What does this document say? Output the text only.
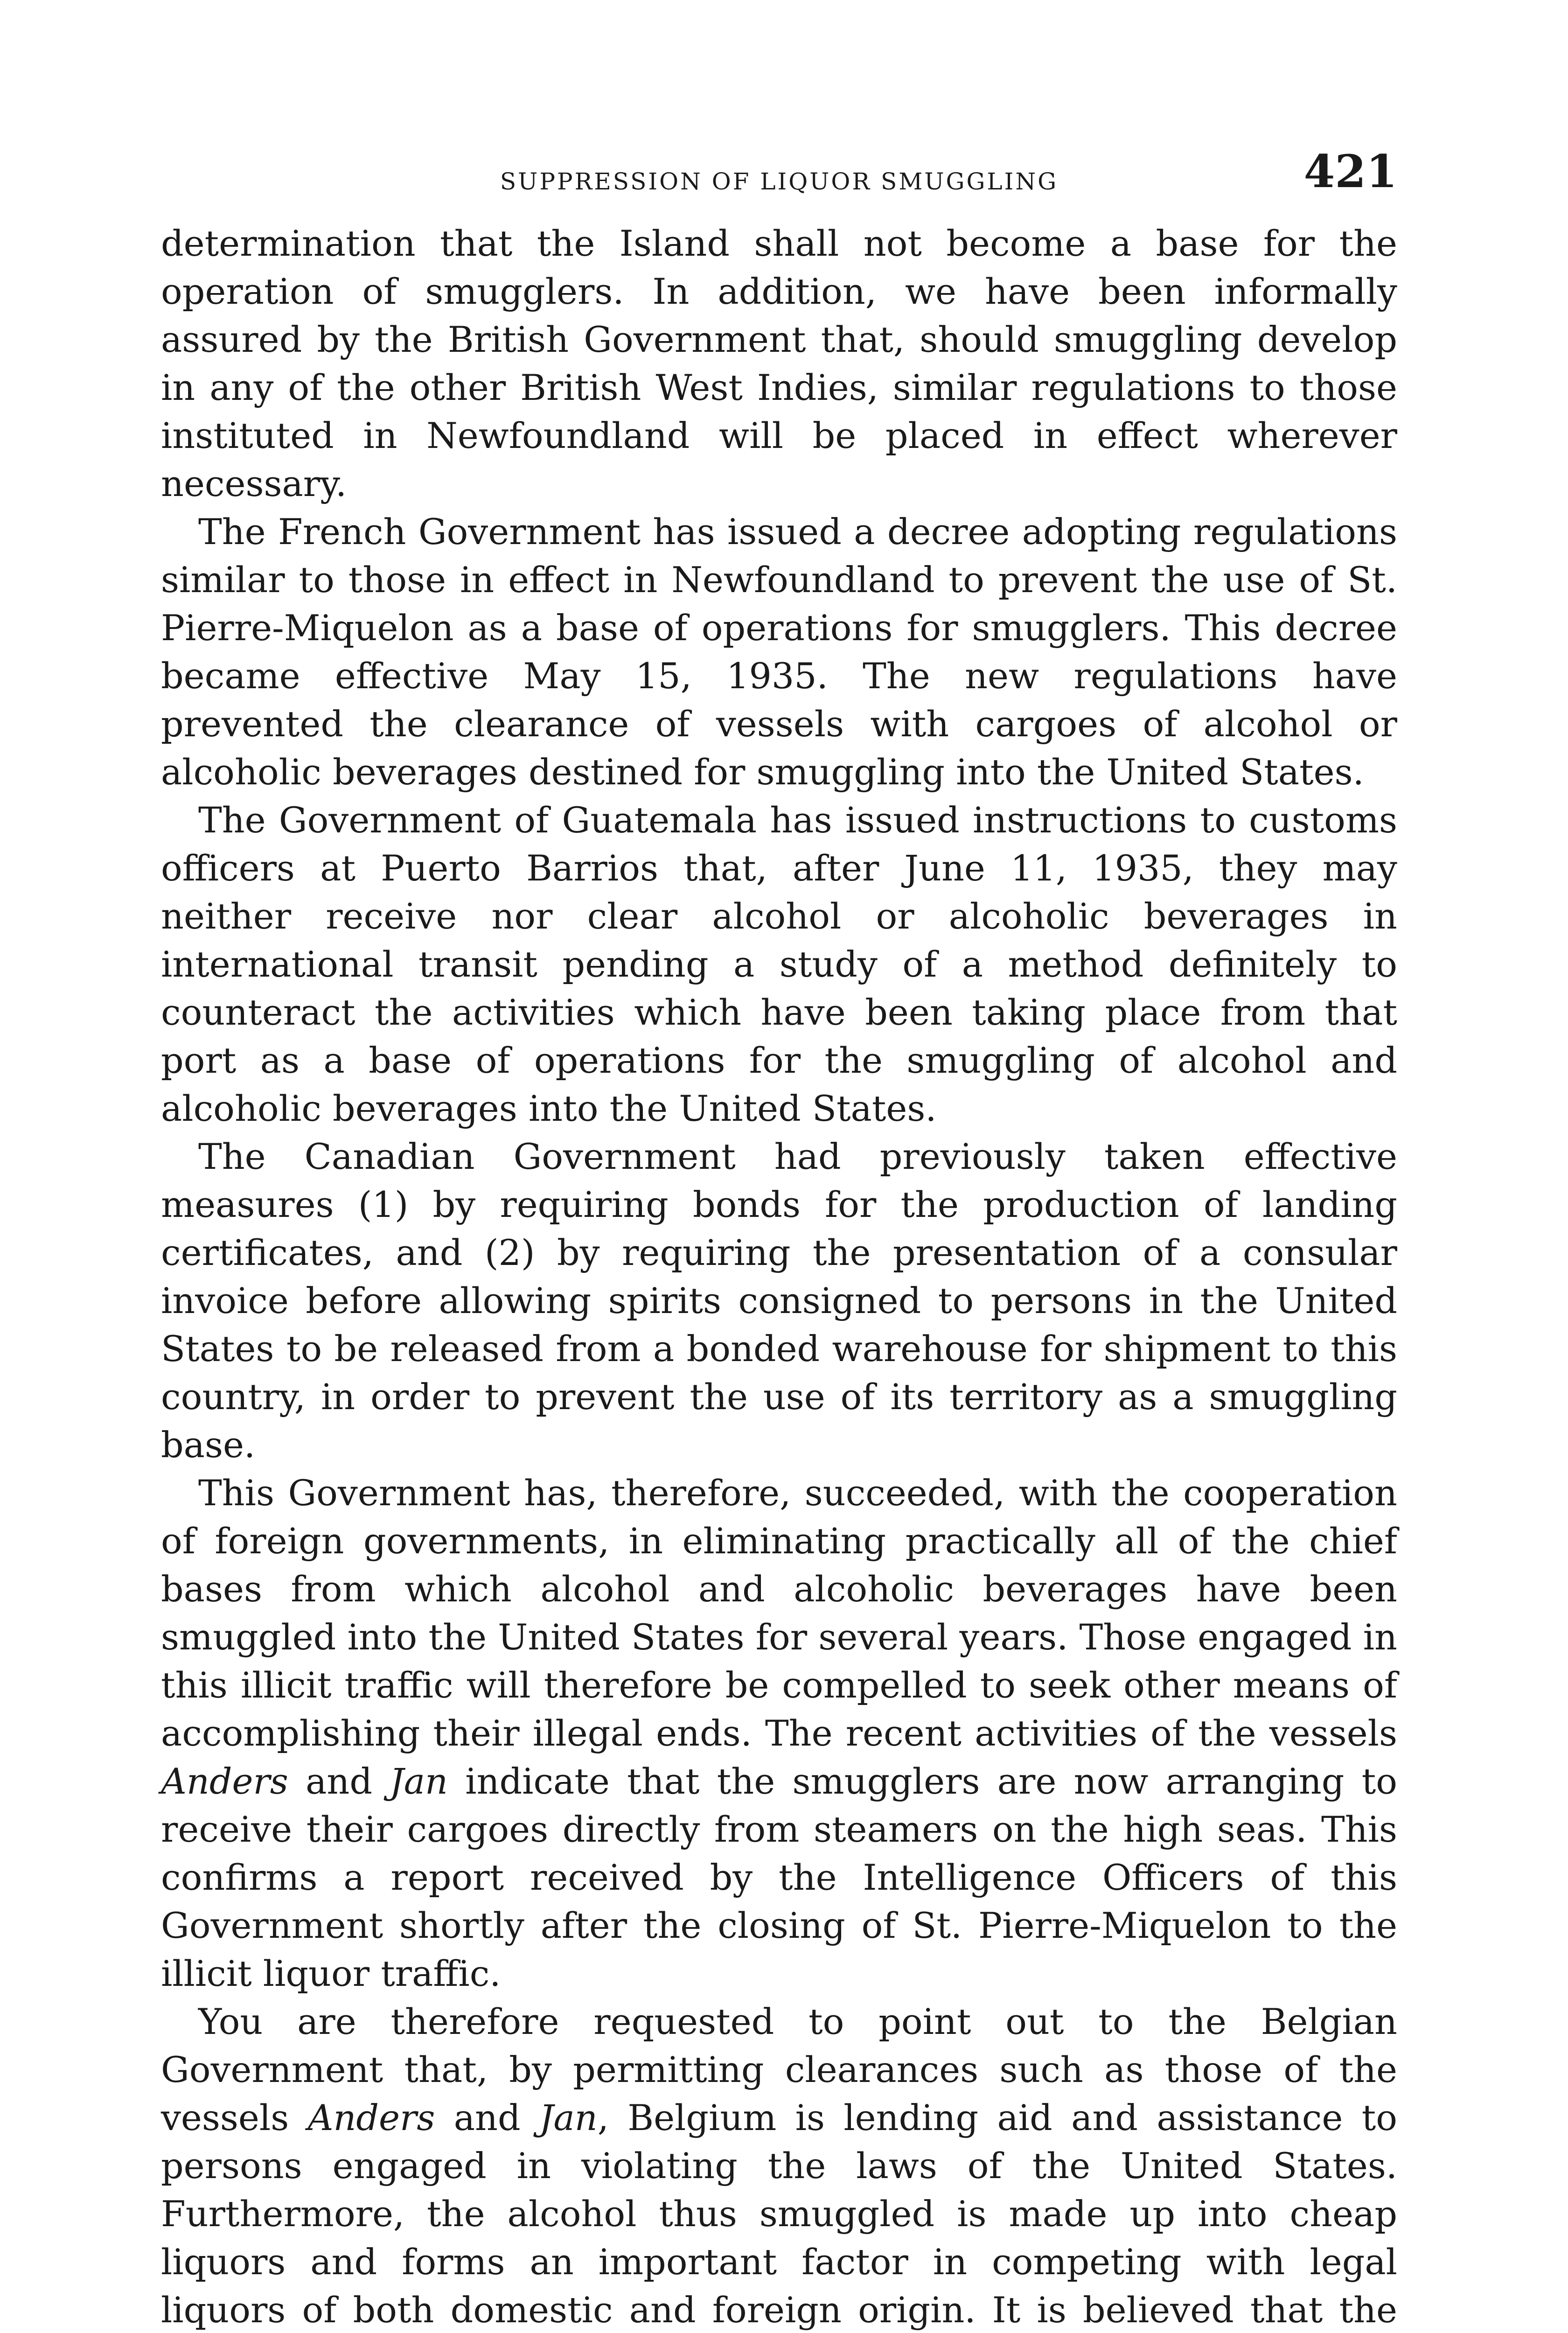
SUPPRESSION OF LIQUOR SMUGGLING	421

determination that the Island shall not become a base for the operation of smugglers. In addition, we have been informally assured by the British Government that, should smuggling develop in any of the other British West Indies, similar regulations to those instituted in Newfoundland will be placed in effect wherever necessary.

The French Government has issued a decree adopting regulations similar to those in effect in Newfoundland to prevent the use of St. Pierre-Miquelon as a base of operations for smugglers. This decree became effective May 15, 1935. The new regulations have prevented the clearance of vessels with cargoes of alcohol or alcoholic beverages destined for smuggling into the United States.

The Government of Guatemala has issued instructions to customs officers at Puerto Barrios that, after June 11, 1935, they may neither receive nor clear alcohol or alcoholic beverages in international transit pending a study of a method definitely to counteract the activities which have been taking place from that port as a base of operations for the smuggling of alcohol and alcoholic beverages into the United States.

The Canadian Government had previously taken effective measures (1) by requiring bonds for the production of landing certificates, and (2) by requiring the presentation of a consular invoice before allowing spirits consigned to persons in the United States to be released from a bonded warehouse for shipment to this country, in order to prevent the use of its territory as a smuggling base.

This Government has, therefore, succeeded, with the cooperation of foreign governments, in eliminating practically all of the chief bases from which alcohol and alcoholic beverages have been smuggled into the United States for several years. Those engaged in this illicit traffic will therefore be compelled to seek other means of accomplishing their illegal ends. The recent activities of the vessels Anders and Jan indicate that the smugglers are now arranging to receive their cargoes directly from steamers on the high seas. This confirms a report received by the Intelligence Officers of this Government shortly after the closing of St. Pierre-Miquelon to the illicit liquor traffic.

You are therefore requested to point out to the Belgian Government that, by permitting clearances such as those of the vessels Anders and Jan, Belgium is lending aid and assistance to persons engaged in violating the laws of the United States. Furthermore, the alcohol thus smuggled is made up into cheap liquors and forms an important factor in competing with legal liquors of both domestic and foreign origin. It is believed that the
